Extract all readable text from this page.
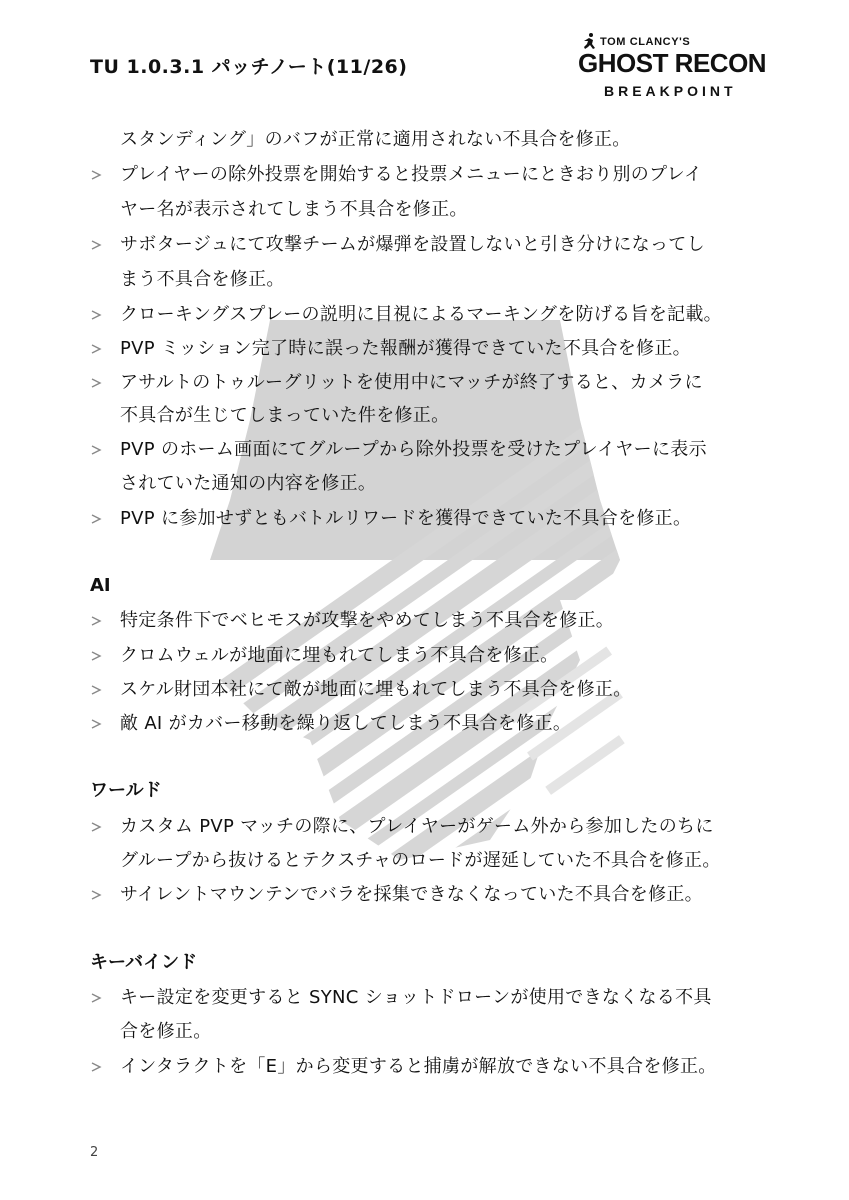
TU 1.0.3.1 パッチノート(11/26)
TOM CLANCY'S
GHOST RECON
BREAKPOINT
スタンディング」のバフが正常に適用されない不具合を修正。
プレイヤーの除外投票を開始すると投票メニューにときおり別のプレイ
ヤー名が表示されてしまう不具合を修正。
サボタージュにて攻撃チームが爆弾を設置しないと引き分けになってし
まう不具合を修正。
クローキングスプレーの説明に目視によるマーキングを防げる旨を記載。
PVP ミッション完了時に誤った報酬が獲得できていた不具合を修正。
アサルトのトゥルーグリットを使用中にマッチが終了すると、カメラに
不具合が生じてしまっていた件を修正。
PVP のホーム画面にてグループから除外投票を受けたプレイヤーに表示
されていた通知の内容を修正。
PVP に参加せずともバトルリワードを獲得できていた不具合を修正。
AI
特定条件下でベヒモスが攻撃をやめてしまう不具合を修正。
クロムウェルが地面に埋もれてしまう不具合を修正。
スケル財団本社にて敵が地面に埋もれてしまう不具合を修正。
敵 AI がカバー移動を繰り返してしまう不具合を修正。
ワールド
カスタム PVP マッチの際に、プレイヤーがゲーム外から参加したのちに
グループから抜けるとテクスチャのロードが遅延していた不具合を修正。
サイレントマウンテンでバラを採集できなくなっていた不具合を修正。
キーバインド
キー設定を変更すると SYNC ショットドローンが使用できなくなる不具
合を修正。
インタラクトを「E」から変更すると捕虜が解放できない不具合を修正。
2
